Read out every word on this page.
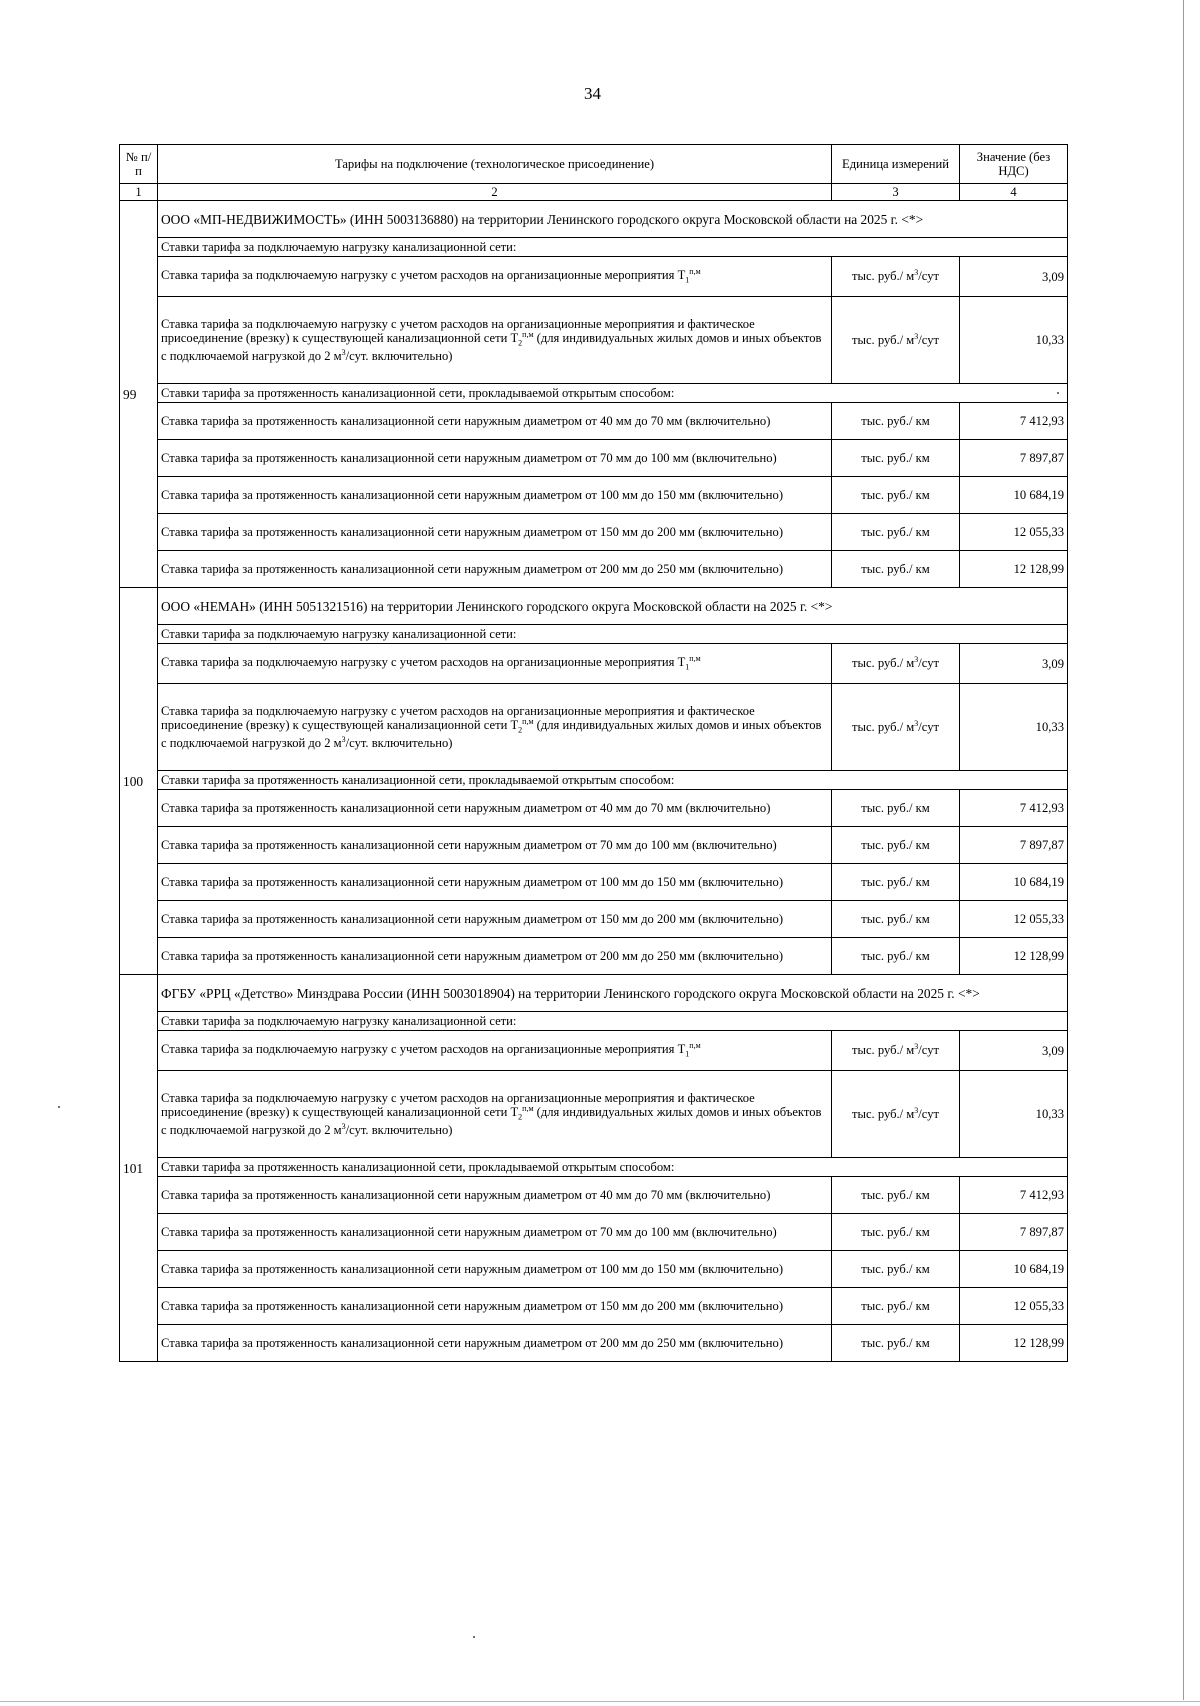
34
№ п/п	Тарифы на подключение (технологическое присоединение)	Единица измерений	Значение (без НДС)
1	2	3	4
99	ООО «МП-НЕДВИЖИМОСТЬ» (ИНН 5003136880) на территории Ленинского городского округа Московской области на 2025 г. <*>		
	Ставки тарифа за подключаемую нагрузку канализационной сети:		
	Ставка тарифа за подключаемую нагрузку с учетом расходов на организационные мероприятия $Т_1^{п,м}$	тыс. руб./ $м^3$/сут	3,09
	Ставка тарифа за подключаемую нагрузку с учетом расходов на организационные мероприятия и фактическое присоединение (врезку) к существующей канализационной сети $Т_2^{п,м}$ (для индивидуальных жилых домов и иных объектов с подключаемой нагрузкой до 2 $м^3$/сут. включительно)	тыс. руб./ $м^3$/сут	10,33
	Ставки тарифа за протяженность канализационной сети, прокладываемой открытым способом:		
	Ставка тарифа за протяженность канализационной сети наружным диаметром от 40 мм до 70 мм (включительно)	тыс. руб./ км	7 412,93
	Ставка тарифа за протяженность канализационной сети наружным диаметром от 70 мм до 100 мм (включительно)	тыс. руб./ км	7 897,87
	Ставка тарифа за протяженность канализационной сети наружным диаметром от 100 мм до 150 мм (включительно)	тыс. руб./ км	10 684,19
	Ставка тарифа за протяженность канализационной сети наружным диаметром от 150 мм до 200 мм (включительно)	тыс. руб./ км	12 055,33
	Ставка тарифа за протяженность канализационной сети наружным диаметром от 200 мм до 250 мм (включительно)	тыс. руб./ км	12 128,99
100	ООО «НЕМАН» (ИНН 5051321516) на территории Ленинского городского округа Московской области на 2025 г. <*>		
	Ставки тарифа за подключаемую нагрузку канализационной сети:		
	Ставка тарифа за подключаемую нагрузку с учетом расходов на организационные мероприятия $Т_1^{п,м}$	тыс. руб./ $м^3$/сут	3,09
	Ставка тарифа за подключаемую нагрузку с учетом расходов на организационные мероприятия и фактическое присоединение (врезку) к существующей канализационной сети $Т_2^{п,м}$ (для индивидуальных жилых домов и иных объектов с подключаемой нагрузкой до 2 $м^3$/сут. включительно)	тыс. руб./ $м^3$/сут	10,33
	Ставки тарифа за протяженность канализационной сети, прокладываемой открытым способом:		
	Ставка тарифа за протяженность канализационной сети наружным диаметром от 40 мм до 70 мм (включительно)	тыс. руб./ км	7 412,93
	Ставка тарифа за протяженность канализационной сети наружным диаметром от 70 мм до 100 мм (включительно)	тыс. руб./ км	7 897,87
	Ставка тарифа за протяженность канализационной сети наружным диаметром от 100 мм до 150 мм (включительно)	тыс. руб./ км	10 684,19
	Ставка тарифа за протяженность канализационной сети наружным диаметром от 150 мм до 200 мм (включительно)	тыс. руб./ км	12 055,33
	Ставка тарифа за протяженность канализационной сети наружным диаметром от 200 мм до 250 мм (включительно)	тыс. руб./ км	12 128,99
101	ФГБУ «РРЦ «Детство» Минздрава России (ИНН 5003018904) на территории Ленинского городского округа Московской области на 2025 г. <*>		
	Ставки тарифа за подключаемую нагрузку канализационной сети:		
	Ставка тарифа за подключаемую нагрузку с учетом расходов на организационные мероприятия $Т_1^{п,м}$	тыс. руб./ $м^3$/сут	3,09
	Ставка тарифа за подключаемую нагрузку с учетом расходов на организационные мероприятия и фактическое присоединение (врезку) к существующей канализационной сети $Т_2^{п,м}$ (для индивидуальных жилых домов и иных объектов с подключаемой нагрузкой до 2 $м^3$/сут. включительно)	тыс. руб./ $м^3$/сут	10,33
	Ставки тарифа за протяженность канализационной сети, прокладываемой открытым способом:		
	Ставка тарифа за протяженность канализационной сети наружным диаметром от 40 мм до 70 мм (включительно)	тыс. руб./ км	7 412,93
	Ставка тарифа за протяженность канализационной сети наружным диаметром от 70 мм до 100 мм (включительно)	тыс. руб./ км	7 897,87
	Ставка тарифа за протяженность канализационной сети наружным диаметром от 100 мм до 150 мм (включительно)	тыс. руб./ км	10 684,19
	Ставка тарифа за протяженность канализационной сети наружным диаметром от 150 мм до 200 мм (включительно)	тыс. руб./ км	12 055,33
	Ставка тарифа за протяженность канализационной сети наружным диаметром от 200 мм до 250 мм (включительно)	тыс. руб./ км	12 128,99
